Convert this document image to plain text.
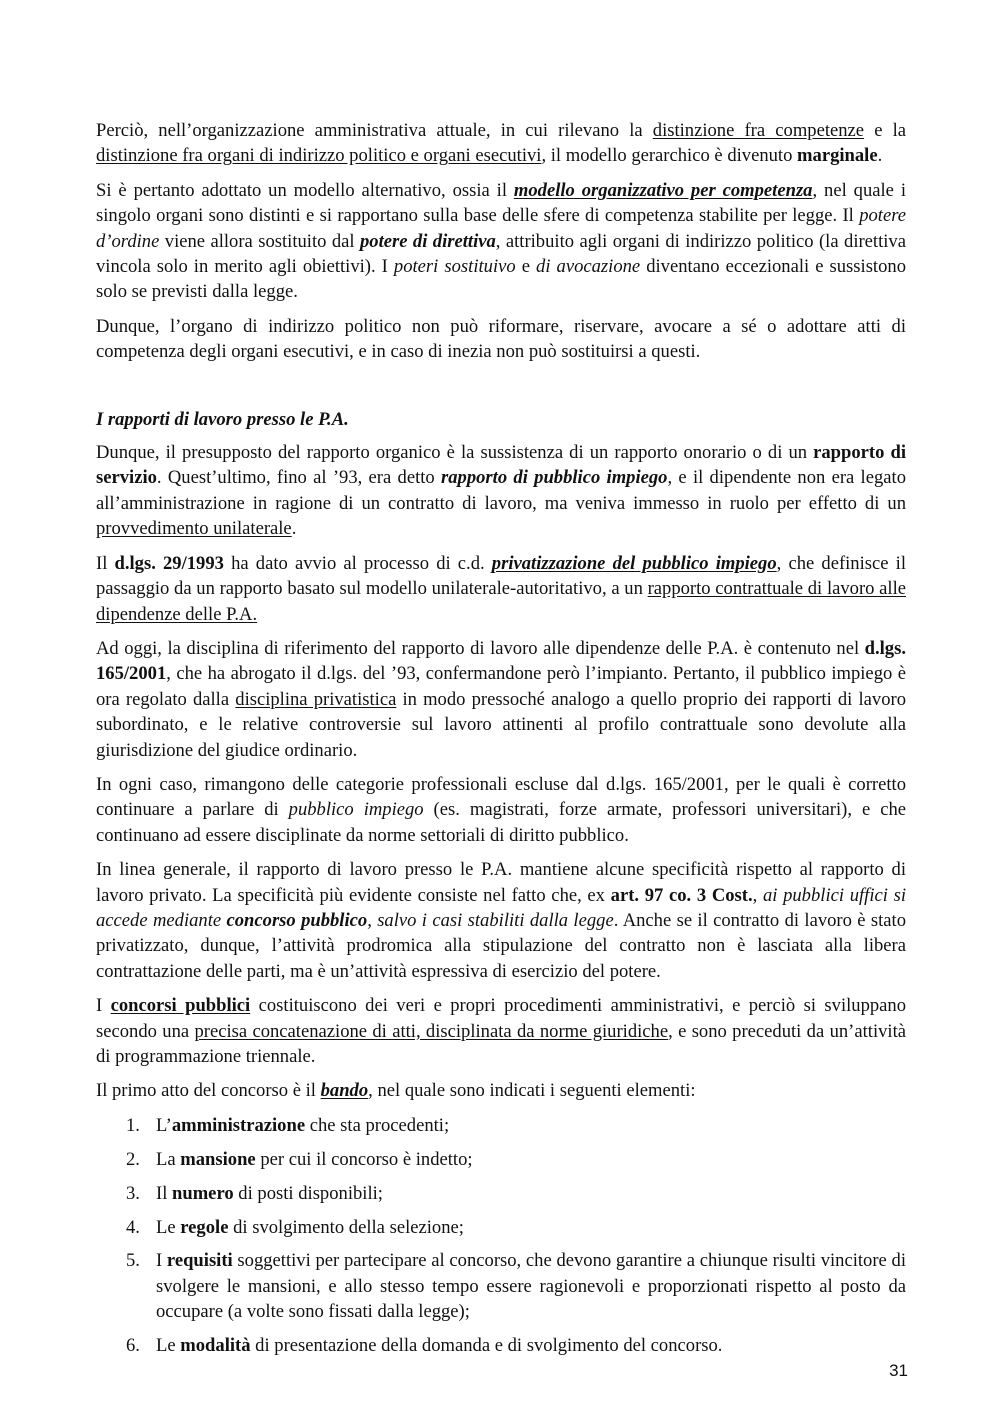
Perciò, nell’organizzazione amministrativa attuale, in cui rilevano la distinzione fra competenze e la distinzione fra organi di indirizzo politico e organi esecutivi, il modello gerarchico è divenuto marginale.

Si è pertanto adottato un modello alternativo, ossia il modello organizzativo per competenza, nel quale i singolo organi sono distinti e si rapportano sulla base delle sfere di competenza stabilite per legge. Il potere d’ordine viene allora sostituito dal potere di direttiva, attribuito agli organi di indirizzo politico (la direttiva vincola solo in merito agli obiettivi). I poteri sostituivo e di avocazione diventano eccezionali e sussistono solo se previsti dalla legge.

Dunque, l’organo di indirizzo politico non può riformare, riservare, avocare a sé o adottare atti di competenza degli organi esecutivi, e in caso di inezia non può sostituirsi a questi.

I rapporti di lavoro presso le P.A.

Dunque, il presupposto del rapporto organico è la sussistenza di un rapporto onorario o di un rapporto di servizio. Quest’ultimo, fino al ’93, era detto rapporto di pubblico impiego, e il dipendente non era legato all’amministrazione in ragione di un contratto di lavoro, ma veniva immesso in ruolo per effetto di un provvedimento unilaterale.

Il d.lgs. 29/1993 ha dato avvio al processo di c.d. privatizzazione del pubblico impiego, che definisce il passaggio da un rapporto basato sul modello unilaterale-autoritativo, a un rapporto contrattuale di lavoro alle dipendenze delle P.A.

Ad oggi, la disciplina di riferimento del rapporto di lavoro alle dipendenze delle P.A. è contenuto nel d.lgs. 165/2001, che ha abrogato il d.lgs. del ’93, confermandone però l’impianto. Pertanto, il pubblico impiego è ora regolato dalla disciplina privatistica in modo pressoché analogo a quello proprio dei rapporti di lavoro subordinato, e le relative controversie sul lavoro attinenti al profilo contrattuale sono devolute alla giurisdizione del giudice ordinario.

In ogni caso, rimangono delle categorie professionali escluse dal d.lgs. 165/2001, per le quali è corretto continuare a parlare di pubblico impiego (es. magistrati, forze armate, professori universitari), e che continuano ad essere disciplinate da norme settoriali di diritto pubblico.

In linea generale, il rapporto di lavoro presso le P.A. mantiene alcune specificità rispetto al rapporto di lavoro privato. La specificità più evidente consiste nel fatto che, ex art. 97 co. 3 Cost., ai pubblici uffici si accede mediante concorso pubblico, salvo i casi stabiliti dalla legge. Anche se il contratto di lavoro è stato privatizzato, dunque, l’attività prodromica alla stipulazione del contratto non è lasciata alla libera contrattazione delle parti, ma è un’attività espressiva di esercizio del potere.

I concorsi pubblici costituiscono dei veri e propri procedimenti amministrativi, e perciò si sviluppano secondo una precisa concatenazione di atti, disciplinata da norme giuridiche, e sono preceduti da un’attività di programmazione triennale.

Il primo atto del concorso è il bando, nel quale sono indicati i seguenti elementi:

1. L’amministrazione che sta procedenti;
2. La mansione per cui il concorso è indetto;
3. Il numero di posti disponibili;
4. Le regole di svolgimento della selezione;
5. I requisiti soggettivi per partecipare al concorso, che devono garantire a chiunque risulti vincitore di svolgere le mansioni, e allo stesso tempo essere ragionevoli e proporzionati rispetto al posto da occupare (a volte sono fissati dalla legge);
6. Le modalità di presentazione della domanda e di svolgimento del concorso.
31
